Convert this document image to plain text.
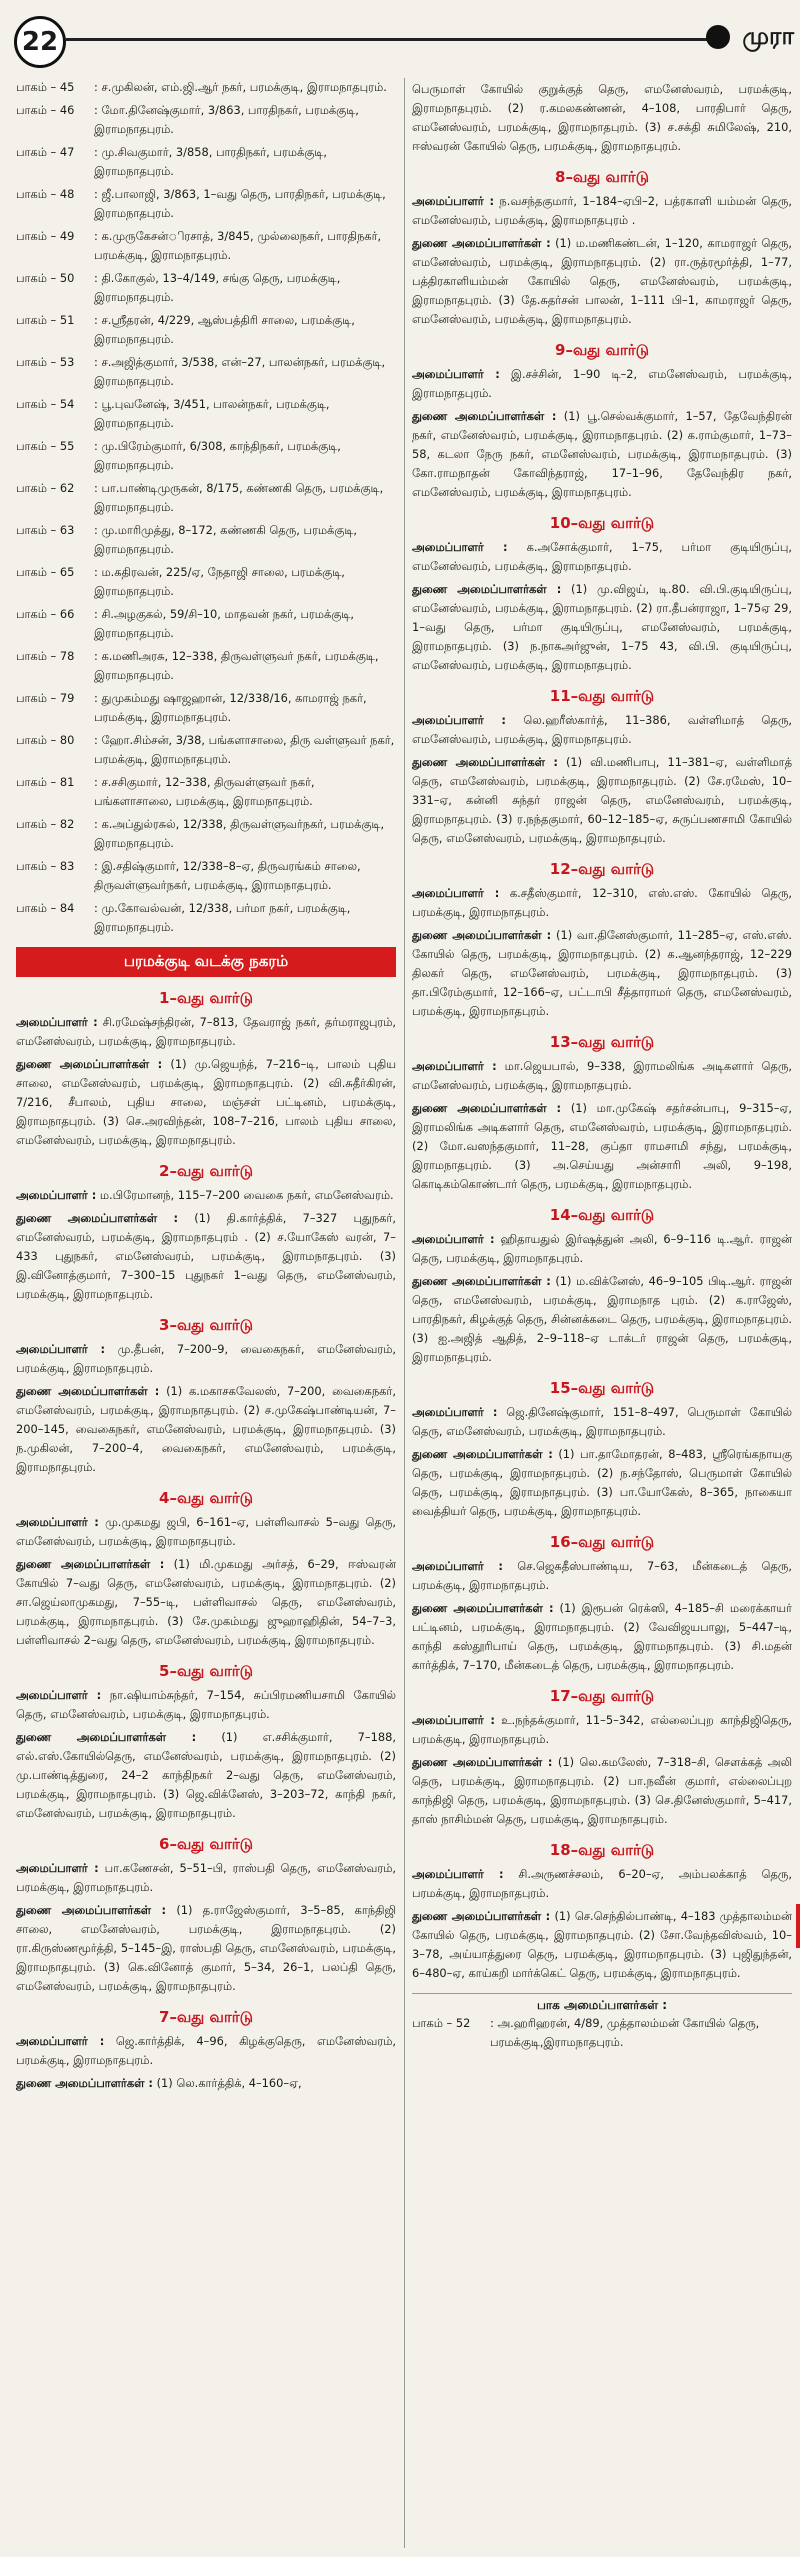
22	முரா
பாகம் – 45	: ச.முகிலன், எம்.ஜி.ஆர் நகர், பரமக்குடி, இராமநாதபுரம்.
பாகம் – 46	: மோ.தினேஷ்குமார், 3/863, பாரதிநகர், பரமக்குடி, இராமநாதபுரம்.
பாகம் – 47	: மு.சிவகுமார், 3/858, பாரதிநகர், பரமக்குடி, இராமநாதபுரம்.
பாகம் – 48	: ஜீ.பாலாஜி, 3/863, 1–வது தெரு, பாரதிநகர், பரமக்குடி, இராமநாதபுரம்.
பாகம் – 49	: க.முருகேசன்ிரசாத், 3/845, முல்லைநகர், பாரதிநகர், பரமக்குடி, இராமநாதபுரம்.
பாகம் – 50	: தி.கோகுல், 13–4/149, சங்கு தெரு, பரமக்குடி, இராமநாதபுரம்.
பாகம் – 51	: ச.ஸ்ரீதரன், 4/229, ஆஸ்பத்திரி சாலை, பரமக்குடி, இராமநாதபுரம்.
பாகம் – 53	: ச.அஜித்குமார், 3/538, என்–27, பாலன்நகர், பரமக்குடி, இராமநாதபுரம்.
பாகம் – 54	: பூ.புவனேஷ், 3/451, பாலன்நகர், பரமக்குடி, இராமநாதபுரம்.
பாகம் – 55	: மு.பிரேம்குமார், 6/308, காந்திநகர், பரமக்குடி, இராமநாதபுரம்.
பாகம் – 62	: பா.பாண்டிமுருகன், 8/175, கண்ணகி தெரு, பரமக்குடி, இராமநாதபுரம்.
பாகம் – 63	: மு.மாரிமுத்து, 8–172, கண்ணகி தெரு, பரமக்குடி, இராமநாதபுரம்.
பாகம் – 65	: ம.கதிரவன், 225/ஏ, நேதாஜி சாலை, பரமக்குடி, இராமநாதபுரம்.
பாகம் – 66	: சி.அழகுகல், 59/சி–10, மாதவன் நகர், பரமக்குடி, இராமநாதபுரம்.
பாகம் – 78	: க.மணிஅரசு, 12–338, திருவள்ளுவர் நகர், பரமக்குடி, இராமநாதபுரம்.
பாகம் – 79	: துமுகம்மது ஷாஜஹான், 12/338/16, காமராஜ் நகர், பரமக்குடி, இராமநாதபுரம்.
பாகம் – 80	: ஹோ.சிம்சன், 3/38, பங்களாசாலை, திரு வள்ளுவர் நகர், பரமக்குடி, இராமநாதபுரம்.
பாகம் – 81	: ச.சசிகுமார், 12–338, திருவள்ளுவர் நகர், பங்களாசாலை, பரமக்குடி, இராமநாதபுரம்.
பாகம் – 82	: க.அப்துல்ரசுல், 12/338, திருவள்ளுவர்நகர், பரமக்குடி, இராமநாதபுரம்.
பாகம் – 83	: இ.சதிஷ்குமார், 12/338–8–ஏ, திருவரங்கம் சாலை, திருவள்ளுவர்நகர், பரமக்குடி, இராமநாதபுரம்.
பாகம் – 84	: மு.கோவல்வன், 12/338, பர்மா நகர், பரமக்குடி, இராமநாதபுரம்.
பரமக்குடி வடக்கு நகரம்
1–வது வார்டு
அமைப்பாளர் : சி.ரமேஷ்சந்திரன், 7–813, தேவராஜ் நகர், தர்மராஜபுரம், எமனேஸ்வரம், பரமக்குடி, இராமநாதபுரம்.
துணை அமைப்பாளர்கள் : (1) மு.ஜெயந்த், 7–216–டி, பாலம் புதிய சாலை, எமனேஸ்வரம், பரமக்குடி, இராமநாதபுரம். (2) வி.சுதீர்கிரன், 7/216, சீபாலம், புதிய சாலை, மஞ்சள் பட்டினம், பரமக்குடி, இராமநாதபுரம். (3) செ.அரவிந்தன், 108–7–216, பாலம் புதிய சாலை, எமனேஸ்வரம், பரமக்குடி, இராமநாதபுரம்.
2–வது வார்டு
அமைப்பாளர் : ம.பிரேமானந், 115–7–200 வைகை நகர், எமனேஸ்வரம்.
துணை அமைப்பாளர்கள் : (1) தி.கார்த்திக், 7–327 புதுநகர், எமனேஸ்வரம், பரமக்குடி, இராமநாதபுரம் . (2) ச.யோகேஸ் வரன், 7–433 புதுநகர், எமனேஸ்வரம், பரமக்குடி, இராமநாதபுரம். (3) இ.வினோத்குமார், 7–300–15 புதுநகர் 1–வது தெரு, எமனேஸ்வரம், பரமக்குடி, இராமநாதபுரம்.
3–வது வார்டு
அமைப்பாளர் : மு.தீபன், 7–200–9, வைகைநகர், எமனேஸ்வரம், பரமக்குடி, இராமநாதபுரம்.
துணை அமைப்பாளர்கள் : (1) க.மகாசகவேலஸ், 7–200, வைகைநகர், எமனேஸ்வரம், பரமக்குடி, இராமநாதபுரம். (2) ச.முகேஷ்பாண்டியன், 7–200–145, வைகைநகர், எமனேஸ்வரம், பரமக்குடி, இராமநாதபுரம். (3) ந.முகிலன், 7–200–4, வைகைநகர், எமனேஸ்வரம், பரமக்குடி, இராமநாதபுரம்.
4–வது வார்டு
அமைப்பாளர் : மு.முகமது ஜபி, 6–161–ஏ, பள்ளிவாசல் 5–வது தெரு, எமனேஸ்வரம், பரமக்குடி, இராமநாதபுரம்.
துணை அமைப்பாளர்கள் : (1) மி.முகமது அர்சத், 6–29, ஈஸ்வரன் கோயில் 7–வது தெரு, எமனேஸ்வரம், பரமக்குடி, இராமநாதபுரம். (2) சா.ஜெய்லாமுகமது, 7–55–டி, பள்ளிவாசல் தெரு, எமனேஸ்வரம், பரமக்குடி, இராமநாதபுரம். (3) சே.முகம்மது ஜுஹாஹிதின், 54–7–3, பள்ளிவாசல் 2–வது தெரு, எமனேஸ்வரம், பரமக்குடி, இராமநாதபுரம்.
5–வது வார்டு
அமைப்பாளர் : நா.ஷியாம்சுந்தர், 7–154, சுப்பிரமணியசாமி கோயில் தெரு, எமனேஸ்வரம், பரமக்குடி, இராமநாதபுரம்.
துணை அமைப்பாளர்கள் : (1) எ.சசிக்குமார், 7–188, எல்.எஸ்.கோயில்தெரு, எமனேஸ்வரம், பரமக்குடி, இராமநாதபுரம். (2) மு.பாண்டித்துரை, 24–2 காந்திநகர் 2–வது தெரு, எமனேஸ்வரம், பரமக்குடி, இராமநாதபுரம். (3) ஜெ.விக்னேஸ், 3–203–72, காந்தி நகர், எமனேஸ்வரம், பரமக்குடி, இராமநாதபுரம்.
6–வது வார்டு
அமைப்பாளர் : பா.கணேசன், 5–51–பி, ராஸ்பதி தெரு, எமனேஸ்வரம், பரமக்குடி, இராமநாதபுரம்.
துணை அமைப்பாளர்கள் : (1) த.ராஜேஸ்குமார், 3–5–85, காந்திஜி சாலை, எமனேஸ்வரம், பரமக்குடி, இராமநாதபுரம். (2) ரா.கிருஸ்ணமூர்த்தி, 5–145–இ, ராஸ்பதி தெரு, எமனேஸ்வரம், பரமக்குடி, இராமநாதபுரம். (3) கெ.வினோத் குமார், 5–34, 26–1, பலப்தி தெரு, எமனேஸ்வரம், பரமக்குடி, இராமநாதபுரம்.
7–வது வார்டு
அமைப்பாளர் : ஜெ.கார்த்திக், 4–96, கிழக்குதெரு, எமனேஸ்வரம், பரமக்குடி, இராமநாதபுரம்.
துணை அமைப்பாளர்கள் : (1) லெ.கார்த்திக், 4–160–ஏ,
பெருமாள் கோயில் குறுக்குத் தெரு, எமனேஸ்வரம், பரமக்குடி, இராமநாதபுரம். (2) ர.கமலகண்ணன், 4–108, பாரதிபார் தெரு, எமனேஸ்வரம், பரமக்குடி, இராமநாதபுரம். (3) ச.சக்தி சுமிலேஷ், 210, ஈஸ்வரன் கோயில் தெரு, பரமக்குடி, இராமநாதபுரம்.
8–வது வார்டு
அமைப்பாளர் : ந.வசந்தகுமார், 1–184–ஏபி–2, பத்ரகாளி யம்மன் தெரு, எமனேஸ்வரம், பரமக்குடி, இராமநாதபுரம் .
துணை அமைப்பாளர்கள் : (1) ம.மணிகண்டன், 1–120, காமராஜர் தெரு, எமனேஸ்வரம், பரமக்குடி, இராமநாதபுரம். (2) ரா.ருத்ரமூர்த்தி, 1–77, பத்திரகாளியம்மன் கோயில் தெரு, எமனேஸ்வரம், பரமக்குடி, இராமநாதபுரம். (3) தே.சுதர்சன் பாலன், 1–111 பி–1, காமராஜர் தெரு, எமனேஸ்வரம், பரமக்குடி, இராமநாதபுரம்.
9–வது வார்டு
அமைப்பாளர் : இ.சச்சின், 1–90 டி–2, எமனேஸ்வரம், பரமக்குடி, இராமநாதபுரம்.
துணை அமைப்பாளர்கள் : (1) பூ.செல்வக்குமார், 1–57, தேவேந்திரன் நகர், எமனேஸ்வரம், பரமக்குடி, இராமநாதபுரம். (2) க.ராம்குமார், 1–73–58, கடலா நேரு நகர், எமனேஸ்வரம், பரமக்குடி, இராமநாதபுரம். (3) கோ.ராமநாதன் கோவிந்தராஜ், 17–1–96, தேவேந்திர நகர், எமனேஸ்வரம், பரமக்குடி, இராமநாதபுரம்.
10–வது வார்டு
அமைப்பாளர் : க.அசோக்குமார், 1–75, பர்மா குடியிருப்பு, எமனேஸ்வரம், பரமக்குடி, இராமநாதபுரம்.
துணை அமைப்பாளர்கள் : (1) மு.விஜய், டி.80. வி.பி.குடியிருப்பு, எமனேஸ்வரம், பரமக்குடி, இராமநாதபுரம். (2) ரா.தீபன்ராஜா, 1–75ஏ 29, 1–வது தெரு, பர்மா குடியிருப்பு, எமனேஸ்வரம், பரமக்குடி, இராமநாதபுரம். (3) ந.நாகஅர்ஜுன், 1–75 43, வி.பி. குடியிருப்பு, எமனேஸ்வரம், பரமக்குடி, இராமநாதபுரம்.
11–வது வார்டு
அமைப்பாளர் : லெ.ஹரீஸ்கார்த், 11–386, வள்ளிமாத் தெரு, எமனேஸ்வரம், பரமக்குடி, இராமநாதபுரம்.
துணை அமைப்பாளர்கள் : (1) வி.மணிபாபு, 11–381–ஏ, வள்ளிமாத் தெரு, எமனேஸ்வரம், பரமக்குடி, இராமநாதபுரம். (2) சே.ரமேஸ், 10–331–ஏ, கன்னி சுந்தர் ராஜன் தெரு, எமனேஸ்வரம், பரமக்குடி, இராமநாதபுரம். (3) ர.நந்தகுமார், 60–12–185–ஏ, சுருப்பணசாமி கோயில் தெரு, எமனேஸ்வரம், பரமக்குடி, இராமநாதபுரம்.
12–வது வார்டு
அமைப்பாளர் : க.சதீஸ்குமார், 12–310, எஸ்.எஸ். கோயில் தெரு, பரமக்குடி, இராமநாதபுரம்.
துணை அமைப்பாளர்கள் : (1) வா.தினேஸ்குமார், 11–285–ஏ, எஸ்.எஸ். கோயில் தெரு, பரமக்குடி, இராமநாதபுரம். (2) க.ஆனந்தராஜ், 12–229 திலகர் தெரு, எமனேஸ்வரம், பரமக்குடி, இராமநாதபுரம். (3) தா.பிரேம்குமார், 12–166–ஏ, பட்டாபி சீத்தாராமர் தெரு, எமனேஸ்வரம், பரமக்குடி, இராமநாதபுரம்.
13–வது வார்டு
அமைப்பாளர் : மா.ஜெயபால், 9–338, இராமலிங்க அடிகளார் தெரு, எமனேஸ்வரம், பரமக்குடி, இராமநாதபுரம்.
துணை அமைப்பாளர்கள் : (1) மா.முகேஷ் சதர்சன்பாபு, 9–315–ஏ, இராமலிங்க அடிகளார் தெரு, எமனேஸ்வரம், பரமக்குடி, இராமநாதபுரம். (2) மோ.வஸந்தகுமார், 11–28, குப்தா ராமசாமி சந்து, பரமக்குடி, இராமநாதபுரம். (3) அ.செய்யது அன்சாரி அலி, 9–198, கொடிகம்கொண்டார் தெரு, பரமக்குடி, இராமநாதபுரம்.
14–வது வார்டு
அமைப்பாளர் : ஹிதாயதுல் இர்ஷத்துன் அலி, 6–9–116 டி.ஆர். ராஜன் தெரு, பரமக்குடி, இராமநாதபுரம்.
துணை அமைப்பாளர்கள் : (1) ம.விக்னேஸ், 46–9–105 பிடி.ஆர். ராஜன் தெரு, எமனேஸ்வரம், பரமக்குடி, இராமநாத புரம். (2) க.ராஜேஸ், பாரதிநகர், கிழக்குத் தெரு, சின்னக்கடை தெரு, பரமக்குடி, இராமநாதபுரம். (3) ஐ.அஜித் ஆதித், 2–9–118–ஏ டாக்டர் ராஜன் தெரு, பரமக்குடி, இராமநாதபுரம்.
15–வது வார்டு
அமைப்பாளர் : ஜெ.தினேஷ்குமார், 151–8–497, பெருமாள் கோயில் தெரு, எமனேஸ்வரம், பரமக்குடி, இராமநாதபுரம்.
துணை அமைப்பாளர்கள் : (1) பா.தாமோதரன், 8–483, ஸ்ரீரெங்கநாயகு தெரு, பரமக்குடி, இராமநாதபுரம். (2) ந.சந்தோஸ், பெருமாள் கோயில் தெரு, பரமக்குடி, இராமநாதபுரம். (3) பா.யோகேஸ், 8–365, நாகையா வைத்தியர் தெரு, பரமக்குடி, இராமநாதபுரம்.
16–வது வார்டு
அமைப்பாளர் : செ.ஜெகதீஸ்பாண்டிய, 7–63, மீன்கடைத் தெரு, பரமக்குடி, இராமநாதபுரம்.
துணை அமைப்பாளர்கள் : (1) இரூபன் ரெக்ஸி, 4–185–சி மரைக்காயர் பட்டினம், பரமக்குடி, இராமநாதபுரம். (2) வேவிஜயபாலு, 5–447–டி, காந்தி கஸ்தூரிபாய் தெரு, பரமக்குடி, இராமநாதபுரம். (3) சி.மதன் கார்த்திக், 7–170, மீன்கடைத் தெரு, பரமக்குடி, இராமநாதபுரம்.
17–வது வார்டு
அமைப்பாளர் : உ.நந்தக்குமார், 11–5–342, எல்லைப்புற காந்திஜிதெரு, பரமக்குடி, இராமநாதபுரம்.
துணை அமைப்பாளர்கள் : (1) லெ.கமலேஸ், 7–318–சி, சௌக்கத் அலி தெரு, பரமக்குடி, இராமநாதபுரம். (2) பா.நவீன் குமார், எல்லைப்புற காந்திஜி தெரு, பரமக்குடி, இராமநாதபுரம். (3) செ.தினேஸ்குமார், 5–417, தாஸ் நாசிம்மன் தெரு, பரமக்குடி, இராமநாதபுரம்.
18–வது வார்டு
அமைப்பாளர் : சி.அருணச்சலம், 6–20–ஏ, அம்பலக்காத் தெரு, பரமக்குடி, இராமநாதபுரம்.
துணை அமைப்பாளர்கள் : (1) செ.செந்தில்பாண்டி, 4–183 முத்தாலம்மன் கோயில் தெரு, பரமக்குடி, இராமநாதபுரம். (2) சோ.வேந்தவிஸ்வம், 10–3–78, அய்யாத்துரை தெரு, பரமக்குடி, இராமநாதபுரம். (3) புஜிதுந்தன், 6–480–ஏ, காய்கறி மார்க்கெட் தெரு, பரமக்குடி, இராமநாதபுரம்.
பாக அமைப்பாளர்கள் :
பாகம் – 52	: அ.ஹரிஹரன், 4/89, முத்தாலம்மன் கோயில் தெரு, பரமக்குடி,இராமநாதபுரம்.
